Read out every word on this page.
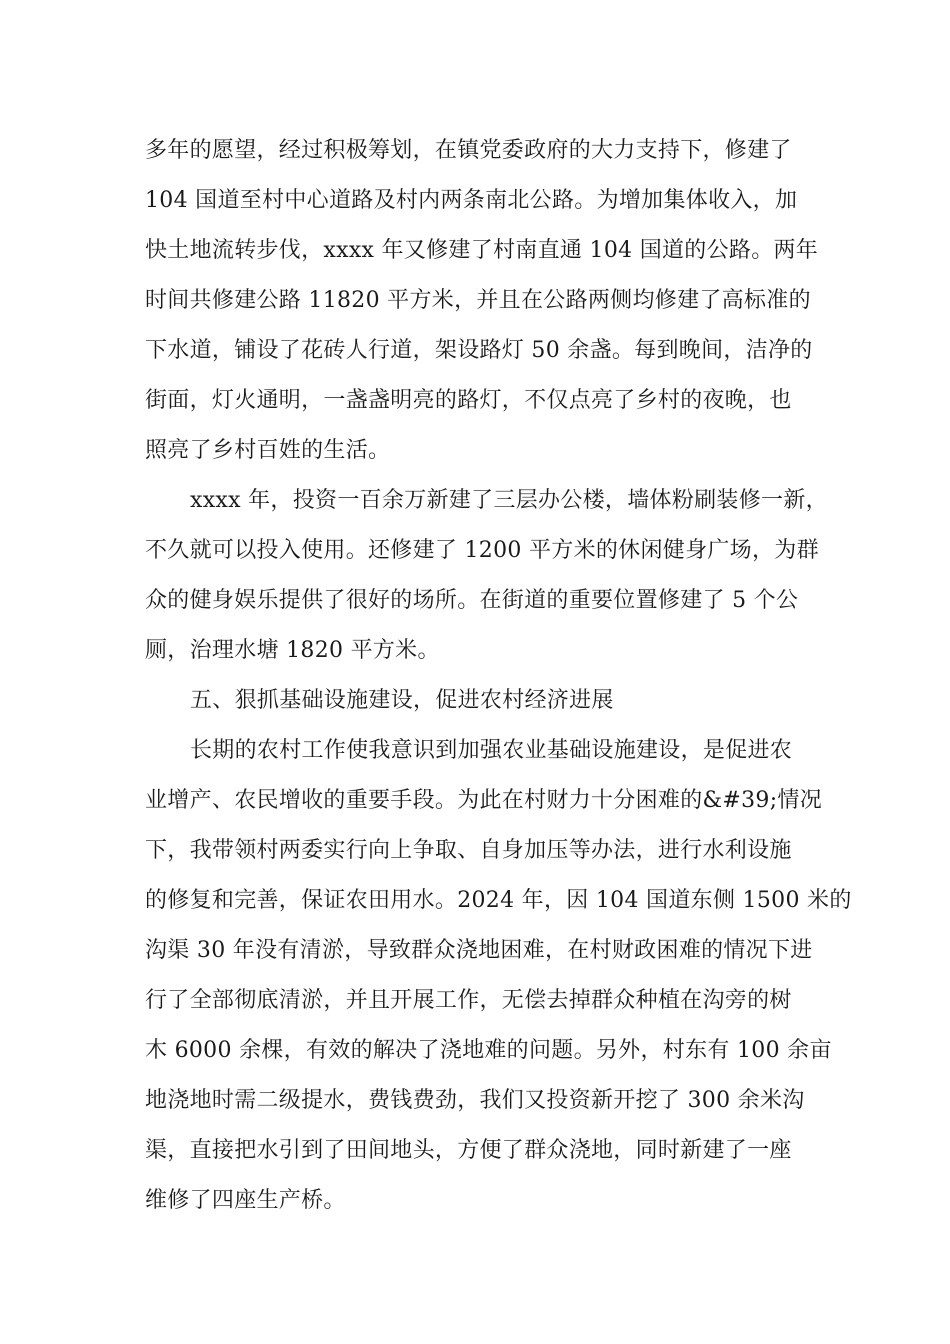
多年的愿望，经过积极筹划，在镇党委政府的大力支持下，修建了
104 国道至村中心道路及村内两条南北公路。为增加集体收入，加
快土地流转步伐，xxxx 年又修建了村南直通 104 国道的公路。两年
时间共修建公路 11820 平方米，并且在公路两侧均修建了高标准的
下水道，铺设了花砖人行道，架设路灯 50 余盏。每到晚间，洁净的
街面，灯火通明，一盏盏明亮的路灯，不仅点亮了乡村的夜晚，也
照亮了乡村百姓的生活。
xxxx 年，投资一百余万新建了三层办公楼，墙体粉刷装修一新，
不久就可以投入使用。还修建了 1200 平方米的休闲健身广场，为群
众的健身娱乐提供了很好的场所。在街道的重要位置修建了 5 个公
厕，治理水塘 1820 平方米。
五、狠抓基础设施建设，促进农村经济进展
长期的农村工作使我意识到加强农业基础设施建设，是促进农
业增产、农民增收的重要手段。为此在村财力十分困难的&#39;情况
下，我带领村两委实行向上争取、自身加压等办法，进行水利设施
的修复和完善，保证农田用水。2024 年，因 104 国道东侧 1500 米的
沟渠 30 年没有清淤，导致群众浇地困难，在村财政困难的情况下进
行了全部彻底清淤，并且开展工作，无偿去掉群众种植在沟旁的树
木 6000 余棵，有效的解决了浇地难的问题。另外，村东有 100 余亩
地浇地时需二级提水，费钱费劲，我们又投资新开挖了 300 余米沟
渠，直接把水引到了田间地头，方便了群众浇地，同时新建了一座
维修了四座生产桥。
